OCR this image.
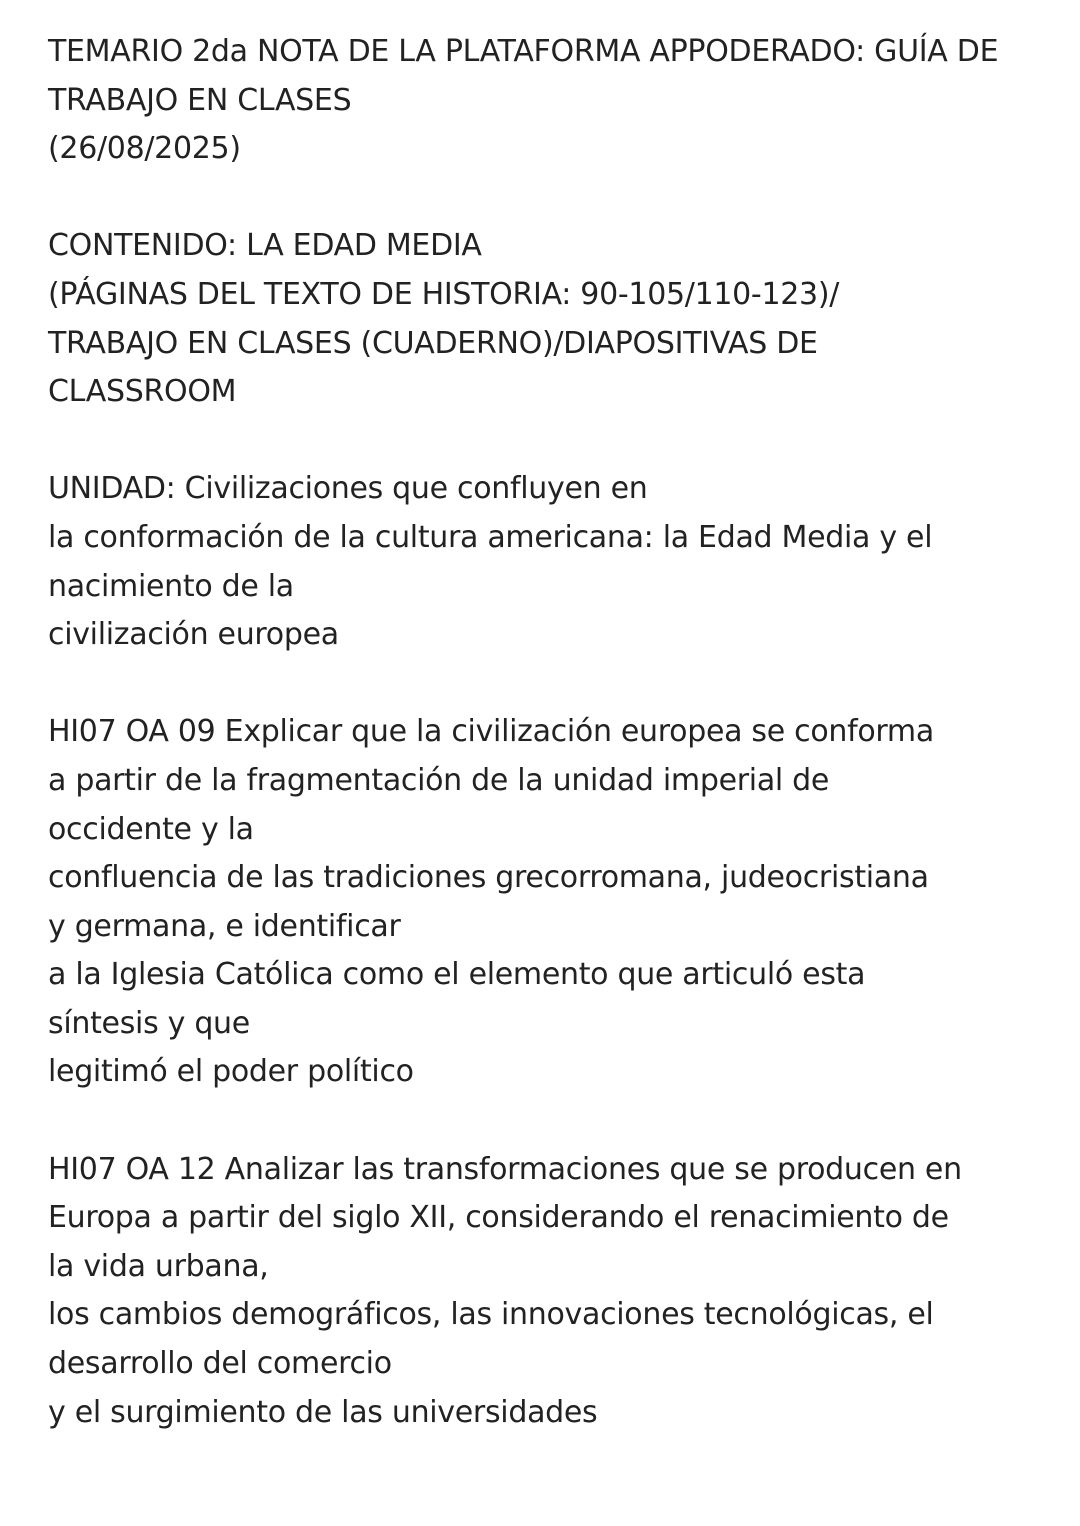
TEMARIO 2da NOTA DE LA PLATAFORMA APPODERADO: GUÍA DE
TRABAJO EN CLASES
(26/08/2025)
CONTENIDO: LA EDAD MEDIA
(PÁGINAS DEL TEXTO DE HISTORIA: 90-105/110-123)/
TRABAJO EN CLASES (CUADERNO)/DIAPOSITIVAS DE
CLASSROOM
UNIDAD: Civilizaciones que confluyen en
la conformación de la cultura americana: la Edad Media y el
nacimiento de la
civilización europea
HI07 OA 09 Explicar que la civilización europea se conforma
a partir de la fragmentación de la unidad imperial de
occidente y la
confluencia de las tradiciones grecorromana, judeocristiana
y germana, e identificar
a la Iglesia Católica como el elemento que articuló esta
síntesis y que
legitimó el poder político
HI07 OA 12 Analizar las transformaciones que se producen en
Europa a partir del siglo XII, considerando el renacimiento de
la vida urbana,
los cambios demográficos, las innovaciones tecnológicas, el
desarrollo del comercio
y el surgimiento de las universidades
